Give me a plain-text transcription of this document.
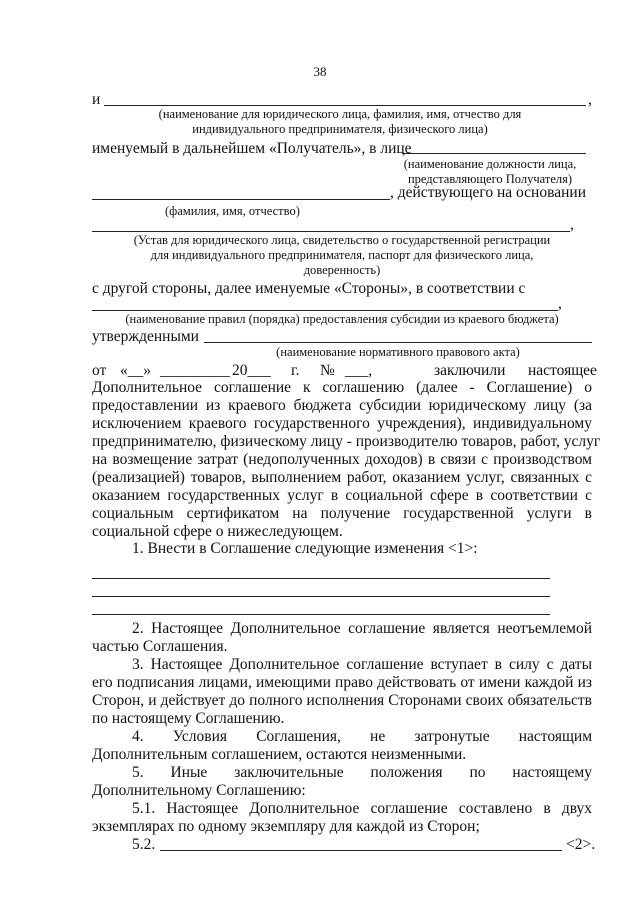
38
и	,
(наименование для юридического лица, фамилия, имя, отчество для
индивидуального предпринимателя, физического лица)
именуемый в дальнейшем «Получатель», в лице
(наименование должности лица,
представляющего Получателя)
, действующего на основании
(фамилия, имя, отчество)
,
(Устав для юридического лица, свидетельство о государственной регистрации
для индивидуального предпринимателя, паспорт для физического лица,
доверенность)
с другой стороны, далее именуемые «Стороны», в соответствии с
,
(наименование правил (порядка) предоставления субсидии из краевого бюджета)
утвержденными
(наименование нормативного правового акта)
от «__» _________ 20___ г. № ___,	заключили настоящее
Дополнительное соглашение к соглашению (далее - Соглашение) о
предоставлении из краевого бюджета субсидии юридическому лицу (за
исключением краевого государственного учреждения), индивидуальному
предпринимателю, физическому лицу - производителю товаров, работ, услуг
на возмещение затрат (недополученных доходов) в связи с производством
(реализацией) товаров, выполнением работ, оказанием услуг, связанных с
оказанием государственных услуг в социальной сфере в соответствии с
социальным сертификатом на получение государственной услуги в
социальной сфере о нижеследующем.
1. Внести в Соглашение следующие изменения <1>:
2. Настоящее Дополнительное соглашение является неотъемлемой
частью Соглашения.
3. Настоящее Дополнительное соглашение вступает в силу с даты
его подписания лицами, имеющими право действовать от имени каждой из
Сторон, и действует до полного исполнения Сторонами своих обязательств
по настоящему Соглашению.
4. Условия Соглашения, не затронутые настоящим
Дополнительным соглашением, остаются неизменными.
5. Иные заключительные положения по настоящему
Дополнительному Соглашению:
5.1. Настоящее Дополнительное соглашение составлено в двух
экземплярах по одному экземпляру для каждой из Сторон;
5.2.	<2>.
